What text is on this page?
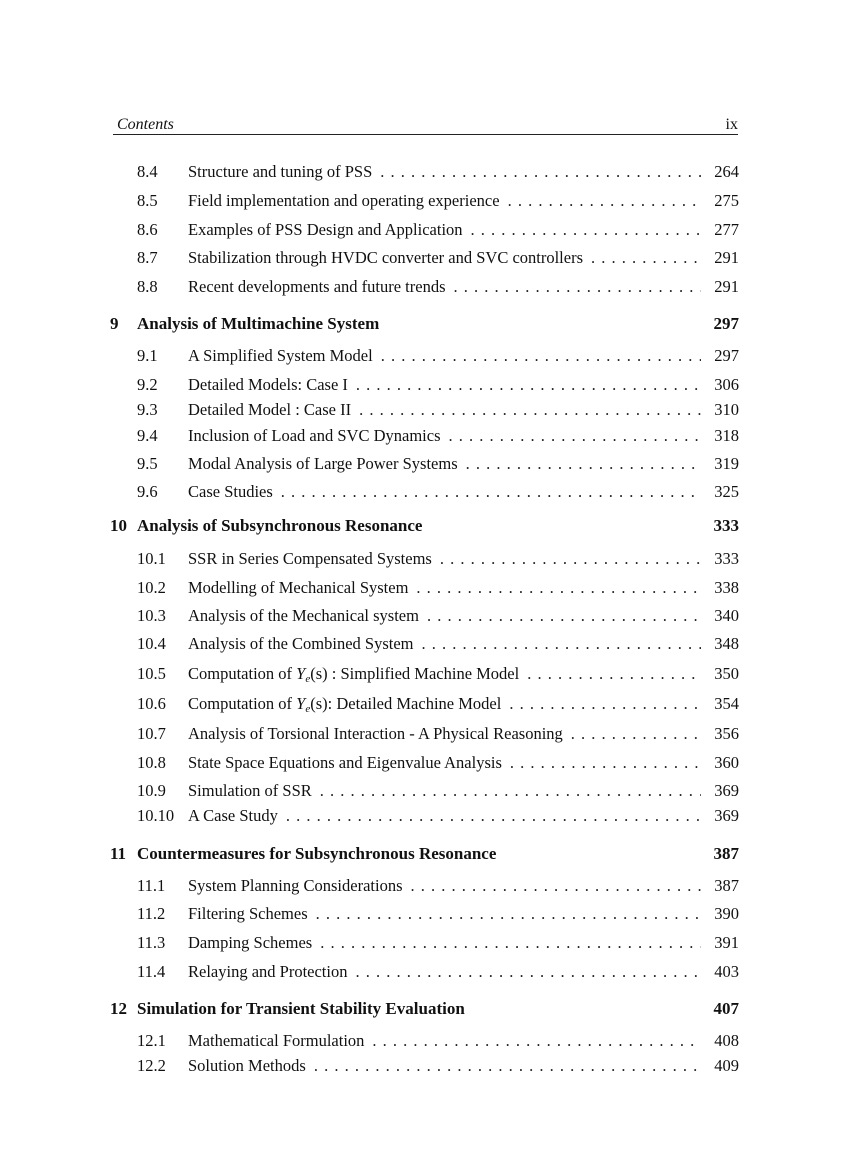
Contents	ix
8.4	Structure and tuning of PSS . . .	264
8.5	Field implementation and operating experience . . .	275
8.6	Examples of PSS Design and Application . . .	277
8.7	Stabilization through HVDC converter and SVC controllers . . .	291
8.8	Recent developments and future trends . . .	291
9	Analysis of Multimachine System	297
9.1	A Simplified System Model . . .	297
9.2	Detailed Models: Case I . . .	306
9.3	Detailed Model : Case II . . .	310
9.4	Inclusion of Load and SVC Dynamics . . .	318
9.5	Modal Analysis of Large Power Systems . . .	319
9.6	Case Studies . . .	325
10 Analysis of Subsynchronous Resonance	333
10.1	SSR in Series Compensated Systems . . .	333
10.2	Modelling of Mechanical System . . .	338
10.3	Analysis of the Mechanical system . . .	340
10.4	Analysis of the Combined System . . .	348
10.5	Computation of $Y_e(s)$ : Simplified Machine Model . . .	350
10.6	Computation of $Y_e(s)$: Detailed Machine Model . . .	354
10.7	Analysis of Torsional Interaction - A Physical Reasoning . . .	356
10.8	State Space Equations and Eigenvalue Analysis . . .	360
10.9	Simulation of SSR . . .	369
10.10 A Case Study . . .	369
11 Countermeasures for Subsynchronous Resonance	387
11.1	System Planning Considerations . . .	387
11.2	Filtering Schemes . . .	390
11.3	Damping Schemes . . .	391
11.4	Relaying and Protection . . .	403
12 Simulation for Transient Stability Evaluation	407
12.1	Mathematical Formulation . . .	408
12.2	Solution Methods . . .	409
